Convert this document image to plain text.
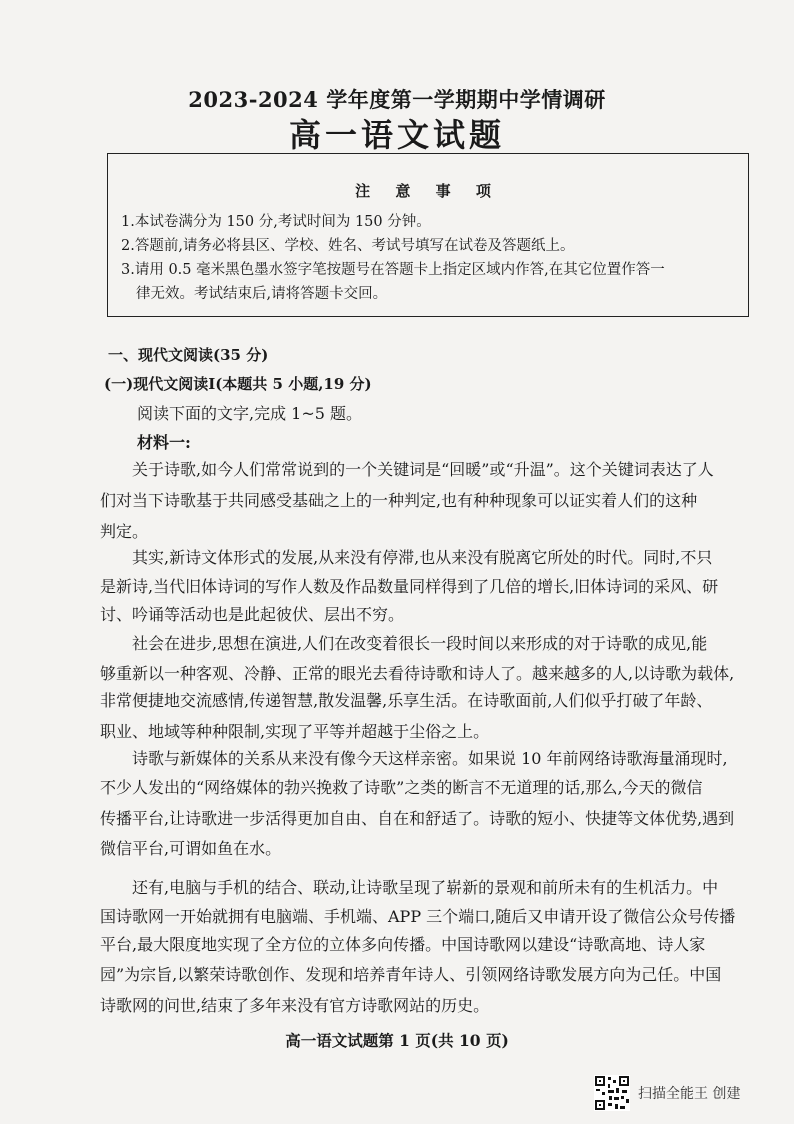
2023-2024 学年度第一学期期中学情调研
高一语文试题
注 意 事 项
1.本试卷满分为 150 分,考试时间为 150 分钟。
2.答题前,请务必将县区、学校、姓名、考试号填写在试卷及答题纸上。
3.请用 0.5 毫米黑色墨水签字笔按题号在答题卡上指定区域内作答,在其它位置作答一
律无效。考试结束后,请将答题卡交回。
一、现代文阅读(35 分)
(一)现代文阅读Ⅰ(本题共 5 小题,19 分)
阅读下面的文字,完成 1~5 题。
材料一:
关于诗歌,如今人们常常说到的一个关键词是“回暖”或“升温”。这个关键词表达了人
们对当下诗歌基于共同感受基础之上的一种判定,也有种种现象可以证实着人们的这种
判定。
其实,新诗文体形式的发展,从来没有停滞,也从来没有脱离它所处的时代。同时,不只
是新诗,当代旧体诗词的写作人数及作品数量同样得到了几倍的增长,旧体诗词的采风、研
讨、吟诵等活动也是此起彼伏、层出不穷。
社会在进步,思想在演进,人们在改变着很长一段时间以来形成的对于诗歌的成见,能
够重新以一种客观、冷静、正常的眼光去看待诗歌和诗人了。越来越多的人,以诗歌为载体,
非常便捷地交流感情,传递智慧,散发温馨,乐享生活。在诗歌面前,人们似乎打破了年龄、
职业、地域等种种限制,实现了平等并超越于尘俗之上。
诗歌与新媒体的关系从来没有像今天这样亲密。如果说 10 年前网络诗歌海量涌现时,
不少人发出的“网络媒体的勃兴挽救了诗歌”之类的断言不无道理的话,那么,今天的微信
传播平台,让诗歌进一步活得更加自由、自在和舒适了。诗歌的短小、快捷等文体优势,遇到
微信平台,可谓如鱼在水。
还有,电脑与手机的结合、联动,让诗歌呈现了崭新的景观和前所未有的生机活力。中
国诗歌网一开始就拥有电脑端、手机端、APP 三个端口,随后又申请开设了微信公众号传播
平台,最大限度地实现了全方位的立体多向传播。中国诗歌网以建设“诗歌高地、诗人家
园”为宗旨,以繁荣诗歌创作、发现和培养青年诗人、引领网络诗歌发展方向为己任。中国
诗歌网的问世,结束了多年来没有官方诗歌网站的历史。
高一语文试题第 1 页(共 10 页)
扫描全能王 创建
